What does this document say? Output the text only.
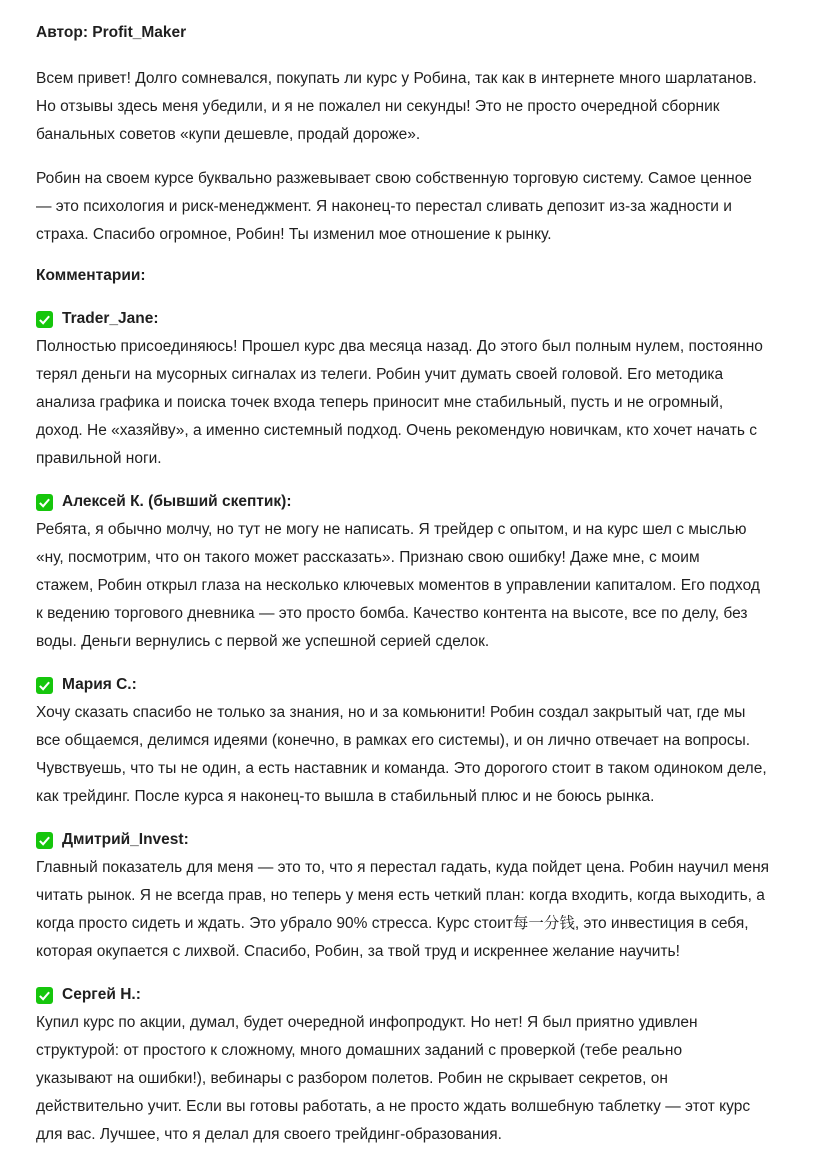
Автор: Profit_Maker
Всем привет! Долго сомневался, покупать ли курс у Робина, так как в интернете много шарлатанов.
Но отзывы здесь меня убедили, и я не пожалел ни секунды! Это не просто очередной сборник
банальных советов «купи дешевле, продай дороже».
Робин на своем курсе буквально разжевывает свою собственную торговую систему. Самое ценное
— это психология и риск-менеджмент. Я наконец-то перестал сливать депозит из-за жадности и
страха. Спасибо огромное, Робин! Ты изменил мое отношение к рынку.
Комментарии:
Trader_Jane:
Полностью присоединяюсь! Прошел курс два месяца назад. До этого был полным нулем, постоянно
терял деньги на мусорных сигналах из телеги. Робин учит думать своей головой. Его методика
анализа графика и поиска точек входа теперь приносит мне стабильный, пусть и не огромный,
доход. Не «хазяйву», а именно системный подход. Очень рекомендую новичкам, кто хочет начать с
правильной ноги.
Алексей К. (бывший скептик):
Ребята, я обычно молчу, но тут не могу не написать. Я трейдер с опытом, и на курс шел с мыслью
«ну, посмотрим, что он такого может рассказать». Признаю свою ошибку! Даже мне, с моим
стажем, Робин открыл глаза на несколько ключевых моментов в управлении капиталом. Его подход
к ведению торгового дневника — это просто бомба. Качество контента на высоте, все по делу, без
воды. Деньги вернулись с первой же успешной серией сделок.
Мария С.:
Хочу сказать спасибо не только за знания, но и за комьюнити! Робин создал закрытый чат, где мы
все общаемся, делимся идеями (конечно, в рамках его системы), и он лично отвечает на вопросы.
Чувствуешь, что ты не один, а есть наставник и команда. Это дорогого стоит в таком одиноком деле,
как трейдинг. После курса я наконец-то вышла в стабильный плюс и не боюсь рынка.
Дмитрий_Invest:
Главный показатель для меня — это то, что я перестал гадать, куда пойдет цена. Робин научил меня
читать рынок. Я не всегда прав, но теперь у меня есть четкий план: когда входить, когда выходить, а
когда просто сидеть и ждать. Это убрало 90% стресса. Курс стоит每一分钱, это инвестиция в себя,
которая окупается с лихвой. Спасибо, Робин, за твой труд и искреннее желание научить!
Сергей Н.:
Купил курс по акции, думал, будет очередной инфопродукт. Но нет! Я был приятно удивлен
структурой: от простого к сложному, много домашних заданий с проверкой (тебе реально
указывают на ошибки!), вебинары с разбором полетов. Робин не скрывает секретов, он
действительно учит. Если вы готовы работать, а не просто ждать волшебную таблетку — этот курс
для вас. Лучшее, что я делал для своего трейдинг-образования.
